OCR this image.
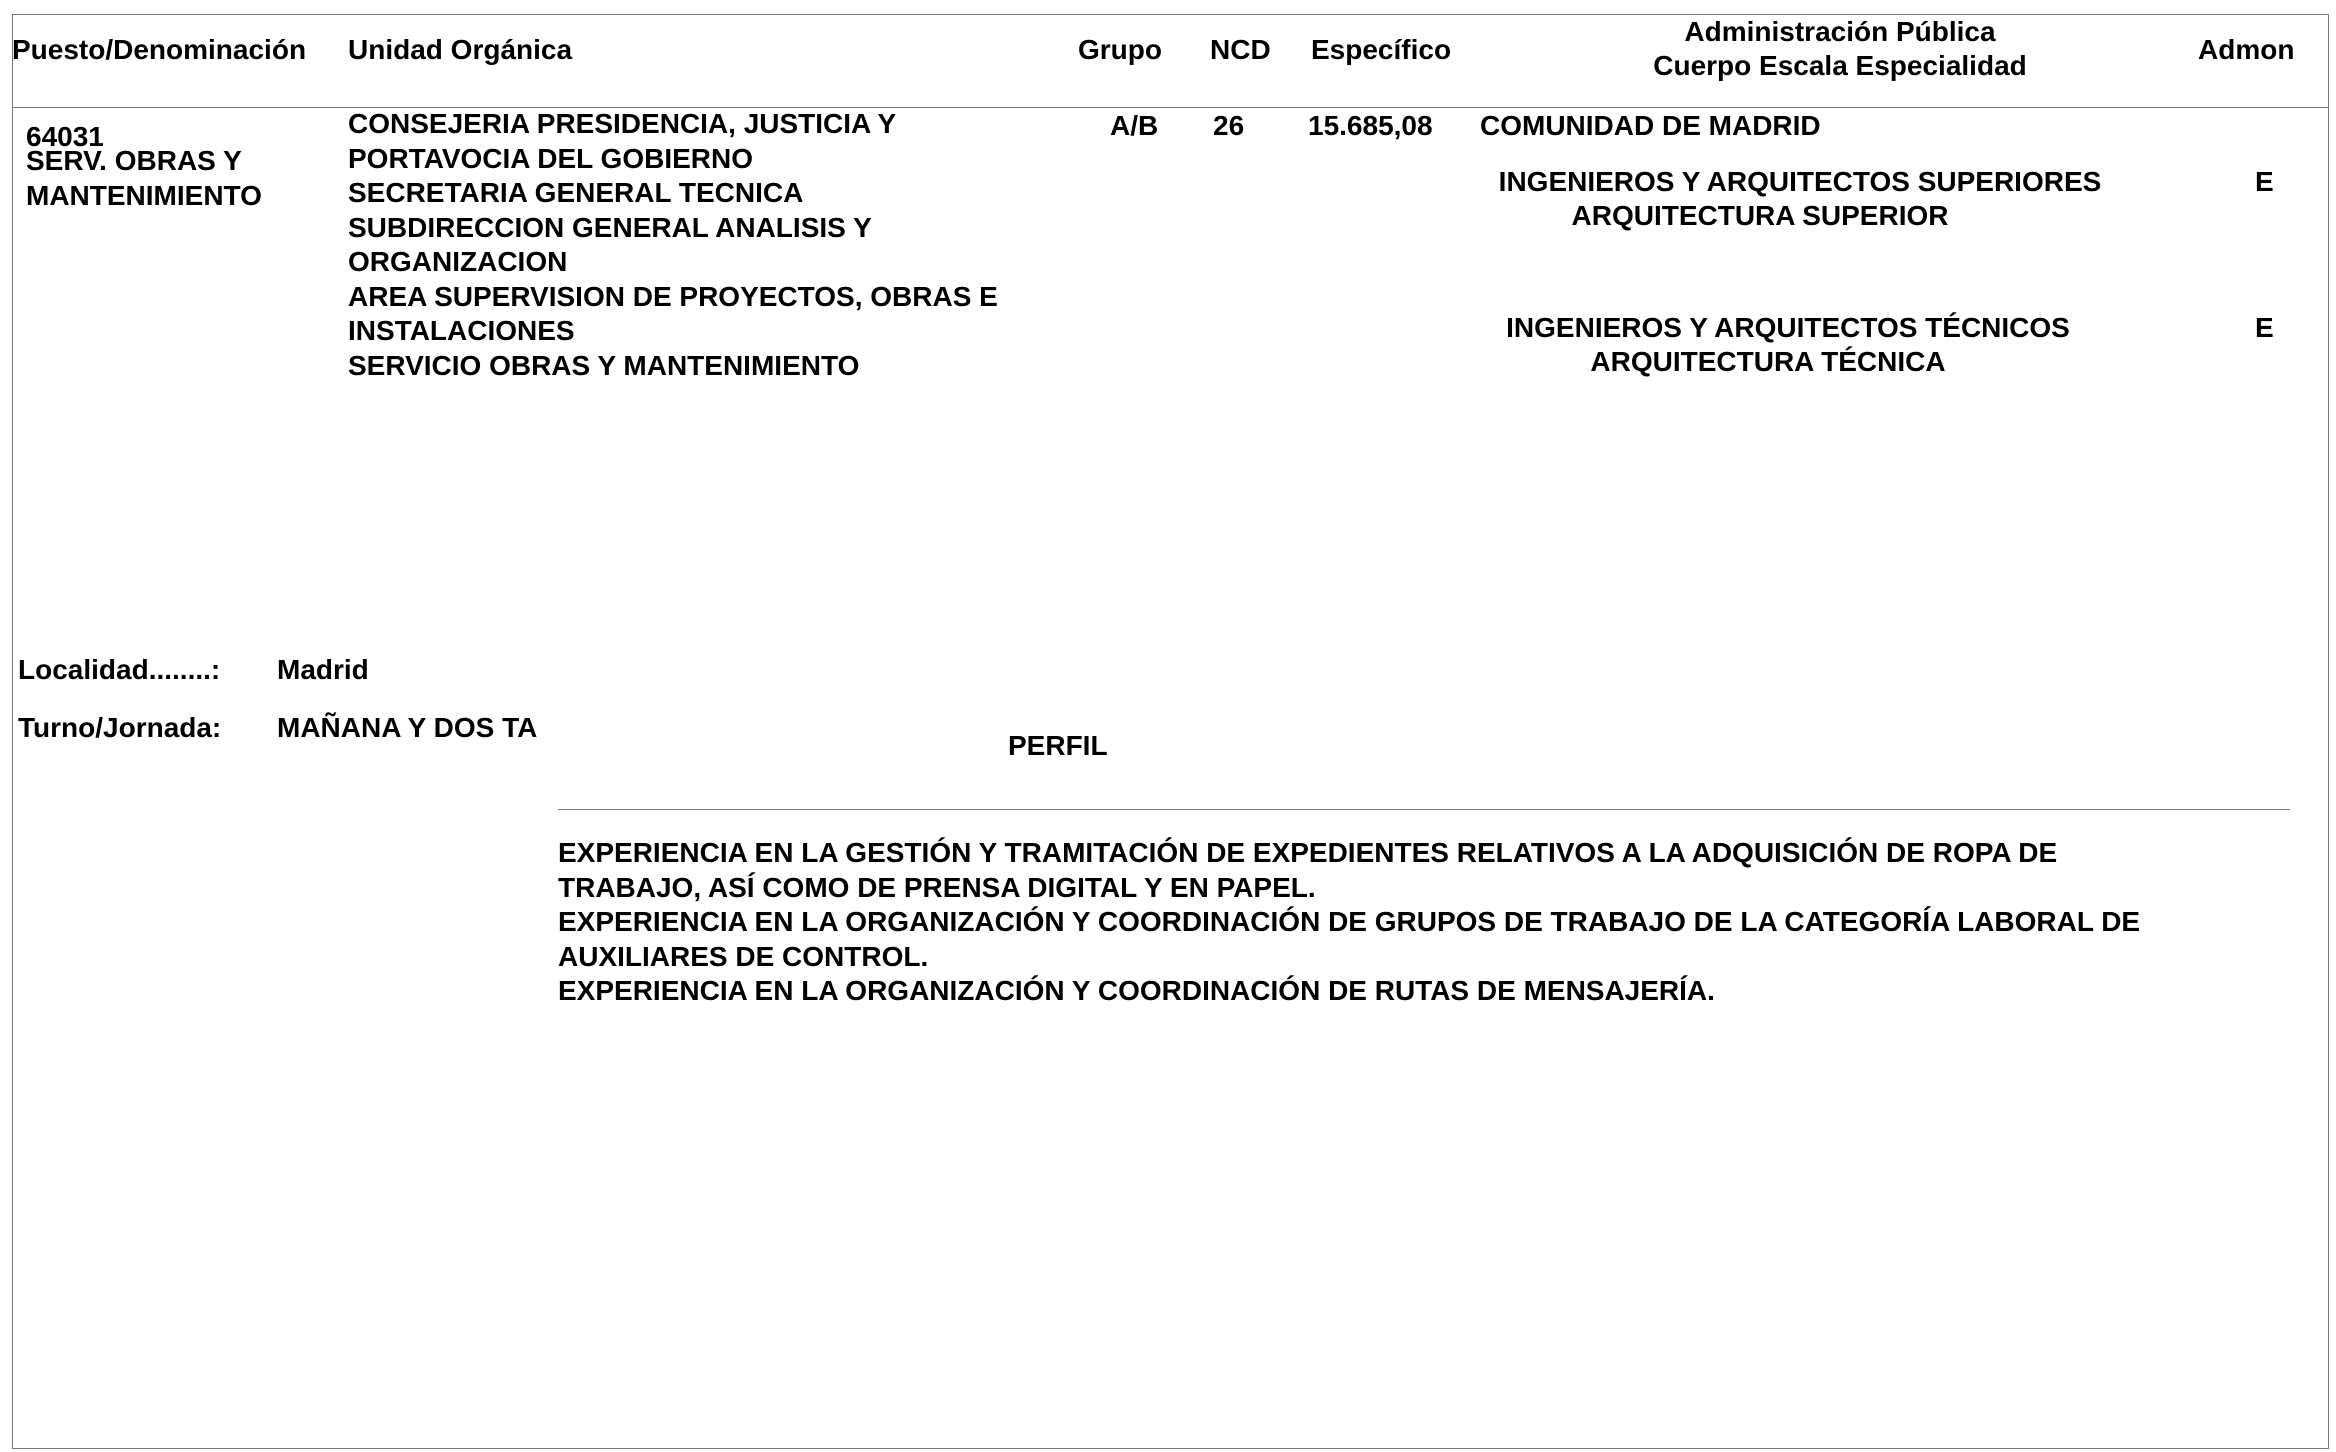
Puesto/Denominación Unidad Orgánica	Grupo NCD Específico
Administración Pública
Cuerpo Escala Especialidad
Admon
64031
SERV. OBRAS Y
MANTENIMIENTO
CONSEJERIA PRESIDENCIA, JUSTICIA Y
PORTAVOCIA DEL GOBIERNO
SECRETARIA GENERAL TECNICA
SUBDIRECCION GENERAL ANALISIS Y
ORGANIZACION
AREA SUPERVISION DE PROYECTOS, OBRAS E
INSTALACIONES
SERVICIO OBRAS Y MANTENIMIENTO
A/B 26 15.685,08 COMUNIDAD DE MADRID
INGENIEROS Y ARQUITECTOS SUPERIORES
ARQUITECTURA SUPERIOR
E
INGENIEROS Y ARQUITECTOS TÉCNICOS
ARQUITECTURA TÉCNICA
E
Localidad........: Madrid
Turno/Jornada: MAÑANA Y DOS TA
PERFIL
EXPERIENCIA EN LA GESTIÓN Y TRAMITACIÓN DE EXPEDIENTES RELATIVOS A LA ADQUISICIÓN DE ROPA DE
TRABAJO, ASÍ COMO DE PRENSA DIGITAL Y EN PAPEL.
EXPERIENCIA EN LA ORGANIZACIÓN Y COORDINACIÓN DE GRUPOS DE TRABAJO DE LA CATEGORÍA LABORAL DE
AUXILIARES DE CONTROL.
EXPERIENCIA EN LA ORGANIZACIÓN Y COORDINACIÓN DE RUTAS DE MENSAJERÍA.
